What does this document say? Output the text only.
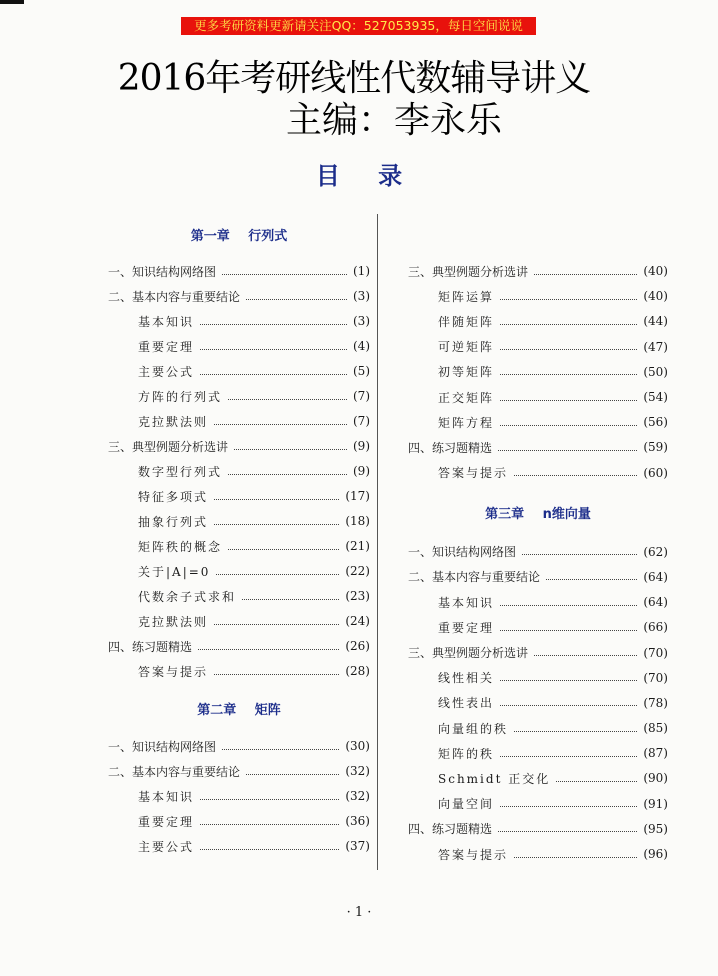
更多考研资料更新请关注QQ：527053935，每日空间说说
2016年考研线性代数辅导讲义
主编：李永乐
目 录
第一章 行列式
一、知识结构网络图	(1)
二、基本内容与重要结论	(3)
基本知识	(3)
重要定理	(4)
主要公式	(5)
方阵的行列式	(7)
克拉默法则	(7)
三、典型例题分析选讲	(9)
数字型行列式	(9)
特征多项式	(17)
抽象行列式	(18)
矩阵秩的概念	(21)
关于|A|=0	(22)
代数余子式求和	(23)
克拉默法则	(24)
四、练习题精选	(26)
答案与提示	(28)
第二章 矩阵
一、知识结构网络图	(30)
二、基本内容与重要结论	(32)
基本知识	(32)
重要定理	(36)
主要公式	(37)
三、典型例题分析选讲	(40)
矩阵运算	(40)
伴随矩阵	(44)
可逆矩阵	(47)
初等矩阵	(50)
正交矩阵	(54)
矩阵方程	(56)
四、练习题精选	(59)
答案与提示	(60)
第三章 n维向量
一、知识结构网络图	(62)
二、基本内容与重要结论	(64)
基本知识	(64)
重要定理	(66)
三、典型例题分析选讲	(70)
线性相关	(70)
线性表出	(78)
向量组的秩	(85)
矩阵的秩	(87)
Schmidt 正交化	(90)
向量空间	(91)
四、练习题精选	(95)
答案与提示	(96)
· 1 ·
